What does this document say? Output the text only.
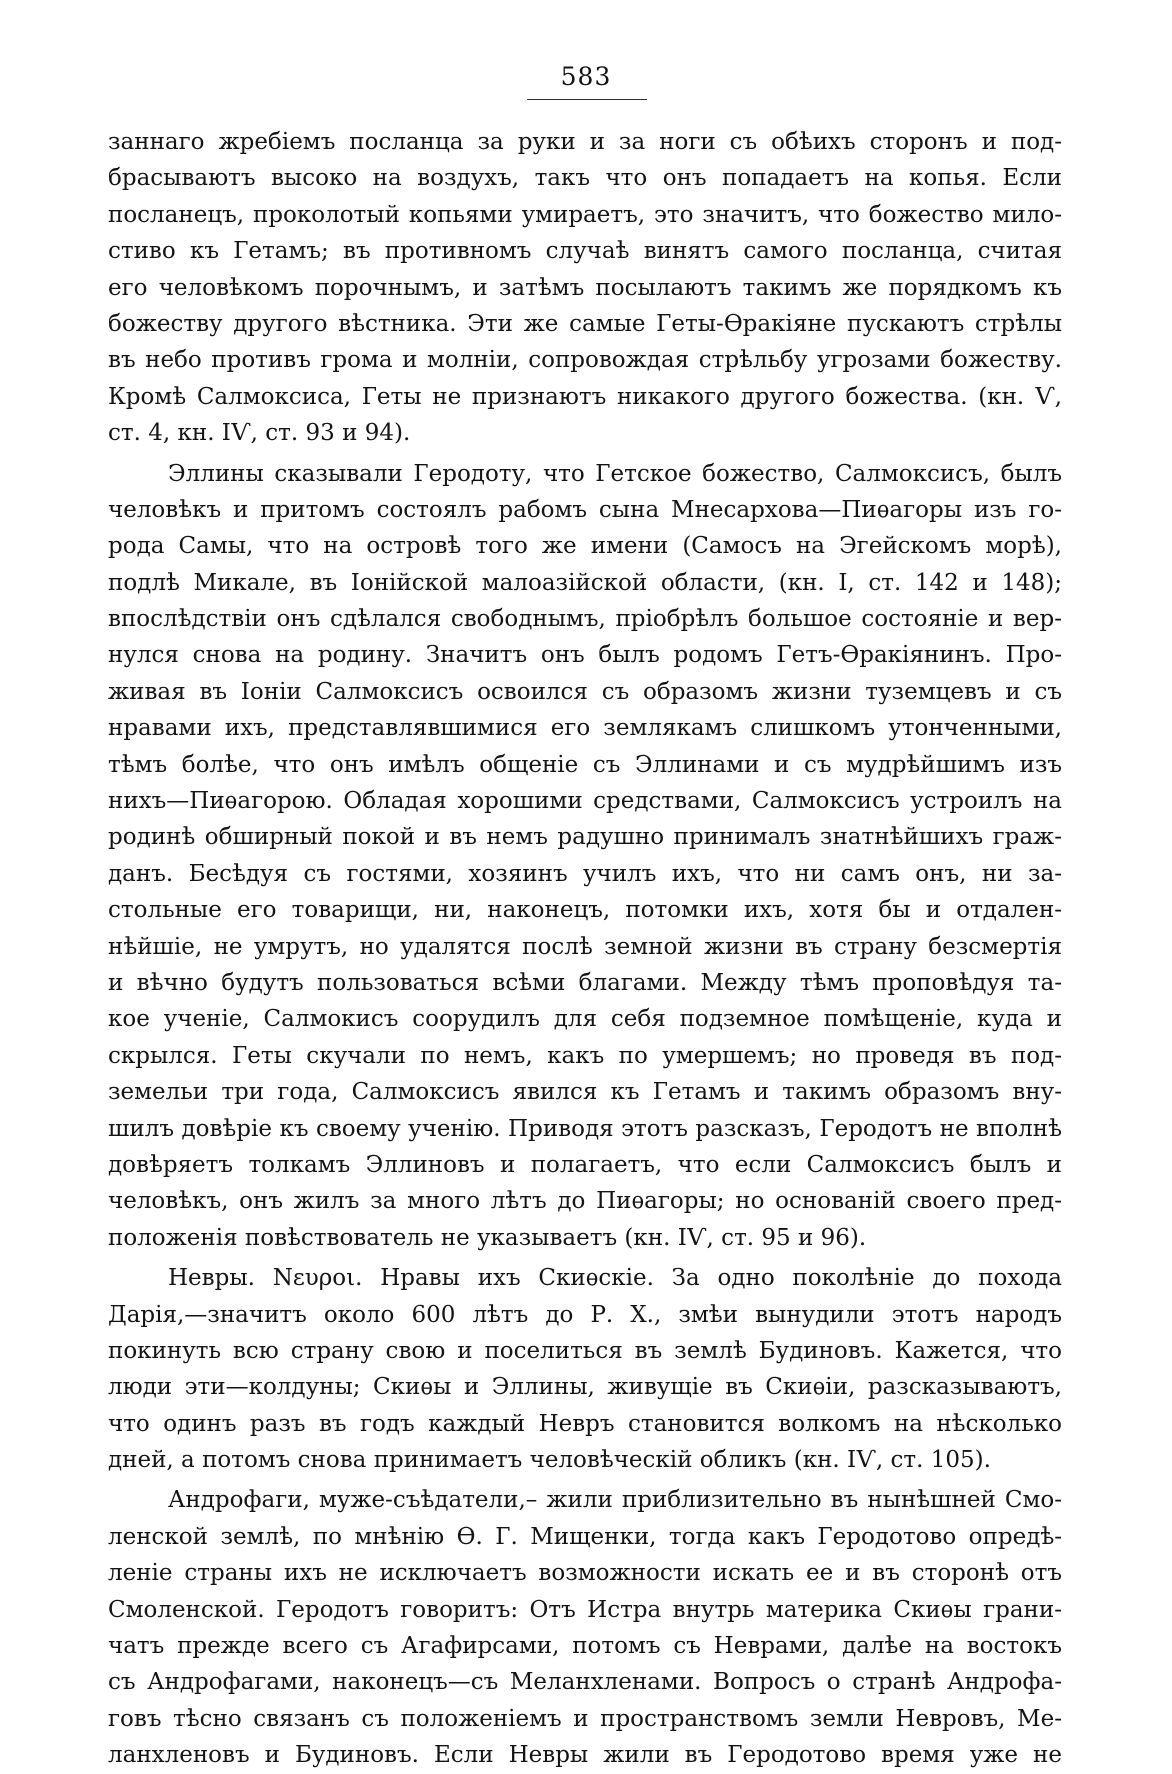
583
заннаго жребіемъ посланца за руки и за ноги съ обѣихъ сторонъ и под-
брасываютъ высоко на воздухъ, такъ что онъ попадаетъ на копья. Если
посланецъ, проколотый копьями умираетъ, это значитъ, что божество мило-
стиво къ Гетамъ; въ противномъ случаѣ винятъ самого посланца, считая
его человѣкомъ порочнымъ, и затѣмъ посылаютъ такимъ же порядкомъ къ
божеству другого вѣстника. Эти же самые Геты-Ѳракіяне пускаютъ стрѣлы
въ небо противъ грома и молніи, сопровождая стрѣльбу угрозами божеству.
Кромѣ Салмоксиса, Геты не признаютъ никакого другого божества. (кн. Ѵ,
ст. 4, кн. IѴ, ст. 93 и 94).
Эллины сказывали Геродоту, что Гетское божество, Салмоксисъ, былъ
человѣкъ и притомъ состоялъ рабомъ сына Мнесархова—Пиѳагоры изъ го-
рода Самы, что на островѣ того же имени (Самосъ на Эгейскомъ морѣ),
подлѣ Микале, въ Іонійской малоазійской области, (кн. I, ст. 142 и 148);
впослѣдствіи онъ сдѣлался свободнымъ, пріобрѣлъ большое состояніе и вер-
нулся снова на родину. Значитъ онъ былъ родомъ Гетъ-Ѳракіянинъ. Про-
живая въ Іоніи Салмоксисъ освоился съ образомъ жизни туземцевъ и съ
нравами ихъ, представлявшимися его землякамъ слишкомъ утонченными,
тѣмъ болѣе, что онъ имѣлъ общеніе съ Эллинами и съ мудрѣйшимъ изъ
нихъ—Пиѳагорою. Обладая хорошими средствами, Салмоксисъ устроилъ на
родинѣ обширный покой и въ немъ радушно принималъ знатнѣйшихъ граж-
данъ. Бесѣдуя съ гостями, хозяинъ училъ ихъ, что ни самъ онъ, ни за-
стольные его товарищи, ни, наконецъ, потомки ихъ, хотя бы и отдален-
нѣйшіе, не умрутъ, но удалятся послѣ земной жизни въ страну безсмертія
и вѣчно будутъ пользоваться всѣми благами. Между тѣмъ проповѣдуя та-
кое ученіе, Салмокисъ соорудилъ для себя подземное помѣщеніе, куда и
скрылся. Геты скучали по немъ, какъ по умершемъ; но проведя въ под-
земельи три года, Салмоксисъ явился къ Гетамъ и такимъ образомъ вну-
шилъ довѣріе къ своему ученію. Приводя этотъ разсказъ, Геродотъ не вполнѣ
довѣряетъ толкамъ Эллиновъ и полагаетъ, что если Салмоксисъ былъ и
человѣкъ, онъ жилъ за много лѣтъ до Пиѳагоры; но основаній своего пред-
положенія повѣствователь не указываетъ (кн. IѴ, ст. 95 и 96).
Невры. Νευροι. Нравы ихъ Скиѳскіе. За одно поколѣніе до похода
Дарія,—значитъ около 600 лѣтъ до Р. Х., змѣи вынудили этотъ народъ
покинуть всю страну свою и поселиться въ землѣ Будиновъ. Кажется, что
люди эти—колдуны; Скиѳы и Эллины, живущіе въ Скиѳіи, разсказываютъ,
что одинъ разъ въ годъ каждый Невръ становится волкомъ на нѣсколько
дней, а потомъ снова принимаетъ человѣческій обликъ (кн. IѴ, ст. 105).
Андрофаги, муже-съѣдатели,– жили приблизительно въ нынѣшней Смо-
ленской землѣ, по мнѣнію Ѳ. Г. Мищенки, тогда какъ Геродотово опредѣ-
леніе страны ихъ не исключаетъ возможности искать ее и въ сторонѣ отъ
Смоленской. Геродотъ говоритъ: Отъ Истра внутрь материка Скиѳы грани-
чатъ прежде всего съ Агафирсами, потомъ съ Неврами, далѣе на востокъ
съ Андрофагами, наконецъ—съ Меланхленами. Вопросъ о странѣ Андрофа-
говъ тѣсно связанъ съ положеніемъ и пространствомъ земли Невровъ, Ме-
ланхленовъ и Будиновъ. Если Невры жили въ Геродотово время уже не
